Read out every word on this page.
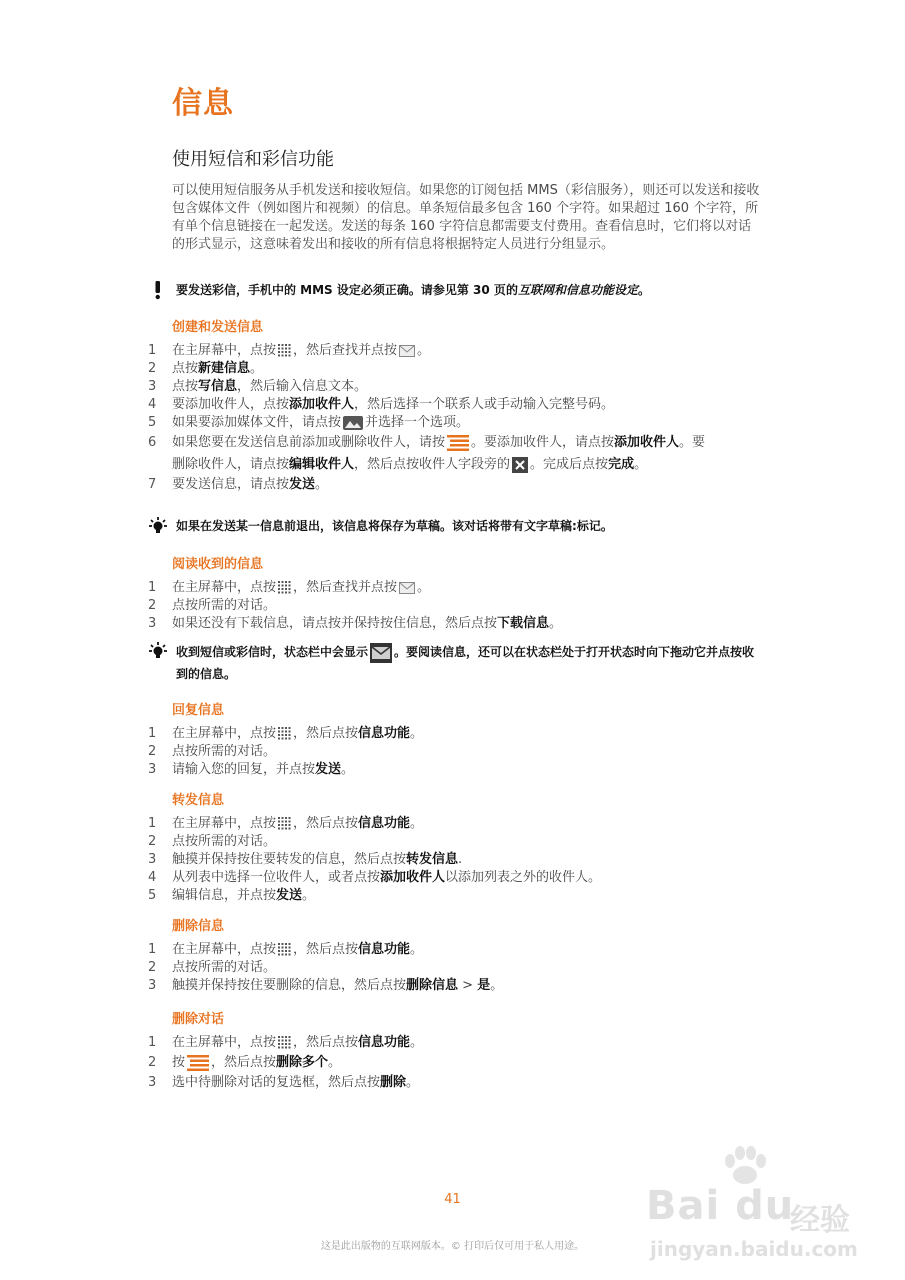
信息
使用短信和彩信功能

可以使用短信服务从手机发送和接收短信。如果您的订阅包括 MMS（彩信服务），则还可以发送和接收包含媒体文件（例如图片和视频）的信息。单条短信最多包含 160 个字符。如果超过 160 个字符，所有单个信息链接在一起发送。发送的每条 160 字符信息都需要支付费用。查看信息时，它们将以对话的形式显示，这意味着发出和接收的所有信息将根据特定人员进行分组显示。

要发送彩信，手机中的 MMS 设定必须正确。请参见第 30 页的互联网和信息功能设定。
创建和发送信息
1	在主屏幕中，点按 ，然后查找并点按 。
2	点按新建信息。
3	点按写信息，然后输入信息文本。
4	要添加收件人，点按添加收件人，然后选择一个联系人或手动输入完整号码。
5	如果要添加媒体文件，请点按 并选择一个选项。
6	如果您要在发送信息前添加或删除收件人，请按 。要添加收件人，请点按添加收件人。要删除收件人，请点按编辑收件人，然后点按收件人字段旁的 。完成后点按完成。
7	要发送信息，请点按发送。
如果在发送某一信息前退出，该信息将保存为草稿。该对话将带有文字草稿:标记。
阅读收到的信息
1	在主屏幕中，点按 ，然后查找并点按 。
2	点按所需的对话。
3	如果还没有下载信息，请点按并保持按住信息，然后点按下载信息。
收到短信或彩信时，状态栏中会显示 。要阅读信息，还可以在状态栏处于打开状态时向下拖动它并点按收到的信息。
回复信息
1	在主屏幕中，点按 ，然后点按信息功能。
2	点按所需的对话。
3	请输入您的回复，并点按发送。
转发信息
1	在主屏幕中，点按 ，然后点按信息功能。
2	点按所需的对话。
3	触摸并保持按住要转发的信息，然后点按转发信息.
4	从列表中选择一位收件人，或者点按添加收件人以添加列表之外的收件人。
5	编辑信息，并点按发送。
删除信息
1	在主屏幕中，点按 ，然后点按信息功能。
2	点按所需的对话。
3	触摸并保持按住要删除的信息，然后点按删除信息 > 是。
删除对话
1	在主屏幕中，点按 ，然后点按信息功能。
2	按 ，然后点按删除多个。
3	选中待删除对话的复选框，然后点按删除。
Bai du
经验
jingyan.baidu.com
41
这是此出版物的互联网版本。© 打印后仅可用于私人用途。
